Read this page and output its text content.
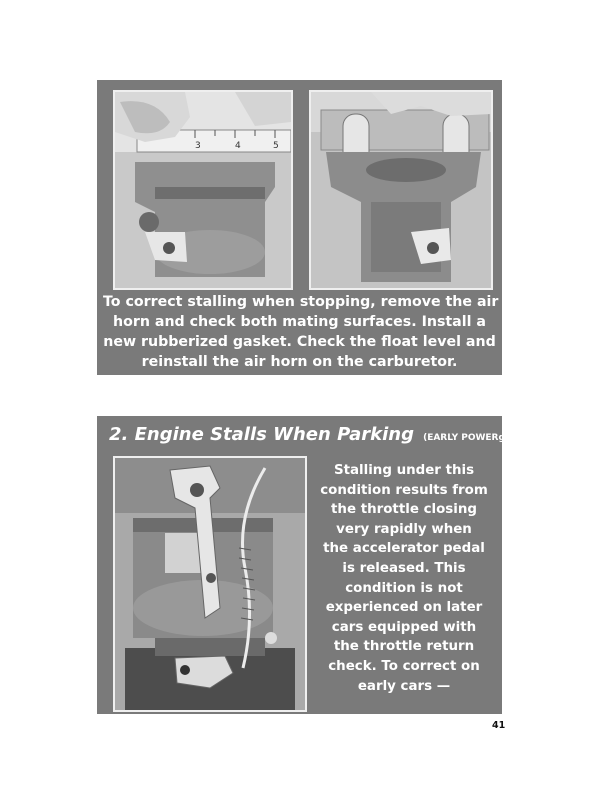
3	4	5
To correct stalling when stopping, remove the air
horn and check both mating surfaces. Install a
new rubberized gasket. Check the float level and
reinstall the air horn on the carburetor.
2. Engine Stalls When Parking (EARLY POWERglide ONLY)
Stalling under this
condition results from
the throttle closing
very rapidly when
the accelerator pedal
is released. This
condition is not
experienced on later
cars equipped with
the throttle return
check. To correct on
early cars —
41
